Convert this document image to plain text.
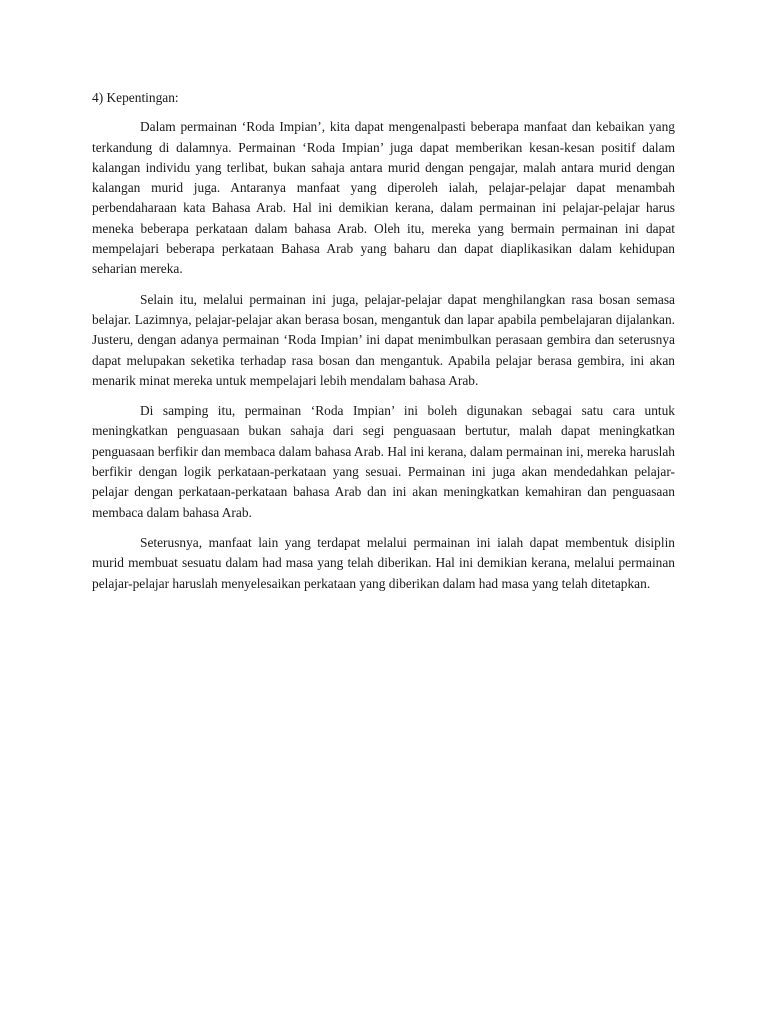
4) Kepentingan:

Dalam permainan ‘Roda Impian’, kita dapat mengenalpasti beberapa manfaat dan kebaikan yang terkandung di dalamnya. Permainan ‘Roda Impian’ juga dapat memberikan kesan-kesan positif dalam kalangan individu yang terlibat, bukan sahaja antara murid dengan pengajar, malah antara murid dengan kalangan murid juga. Antaranya manfaat yang diperoleh ialah, pelajar-pelajar dapat menambah perbendaharaan kata Bahasa Arab. Hal ini demikian kerana, dalam permainan ini pelajar-pelajar harus meneka beberapa perkataan dalam bahasa Arab. Oleh itu, mereka yang bermain permainan ini dapat mempelajari beberapa perkataan Bahasa Arab yang baharu dan dapat diaplikasikan dalam kehidupan seharian mereka.

Selain itu, melalui permainan ini juga, pelajar-pelajar dapat menghilangkan rasa bosan semasa belajar. Lazimnya, pelajar-pelajar akan berasa bosan, mengantuk dan lapar apabila pembelajaran dijalankan. Justeru, dengan adanya permainan ‘Roda Impian’ ini dapat menimbulkan perasaan gembira dan seterusnya dapat melupakan seketika terhadap rasa bosan dan mengantuk. Apabila pelajar berasa gembira, ini akan menarik minat mereka untuk mempelajari lebih mendalam bahasa Arab.

Di samping itu, permainan ‘Roda Impian’ ini boleh digunakan sebagai satu cara untuk meningkatkan penguasaan bukan sahaja dari segi penguasaan bertutur, malah dapat meningkatkan penguasaan berfikir dan membaca dalam bahasa Arab. Hal ini kerana, dalam permainan ini, mereka haruslah berfikir dengan logik perkataan-perkataan yang sesuai. Permainan ini juga akan mendedahkan pelajar-pelajar dengan perkataan-perkataan bahasa Arab dan ini akan meningkatkan kemahiran dan penguasaan membaca dalam bahasa Arab.

Seterusnya, manfaat lain yang terdapat melalui permainan ini ialah dapat membentuk disiplin murid membuat sesuatu dalam had masa yang telah diberikan. Hal ini demikian kerana, melalui permainan pelajar-pelajar haruslah menyelesaikan perkataan yang diberikan dalam had masa yang telah ditetapkan.
